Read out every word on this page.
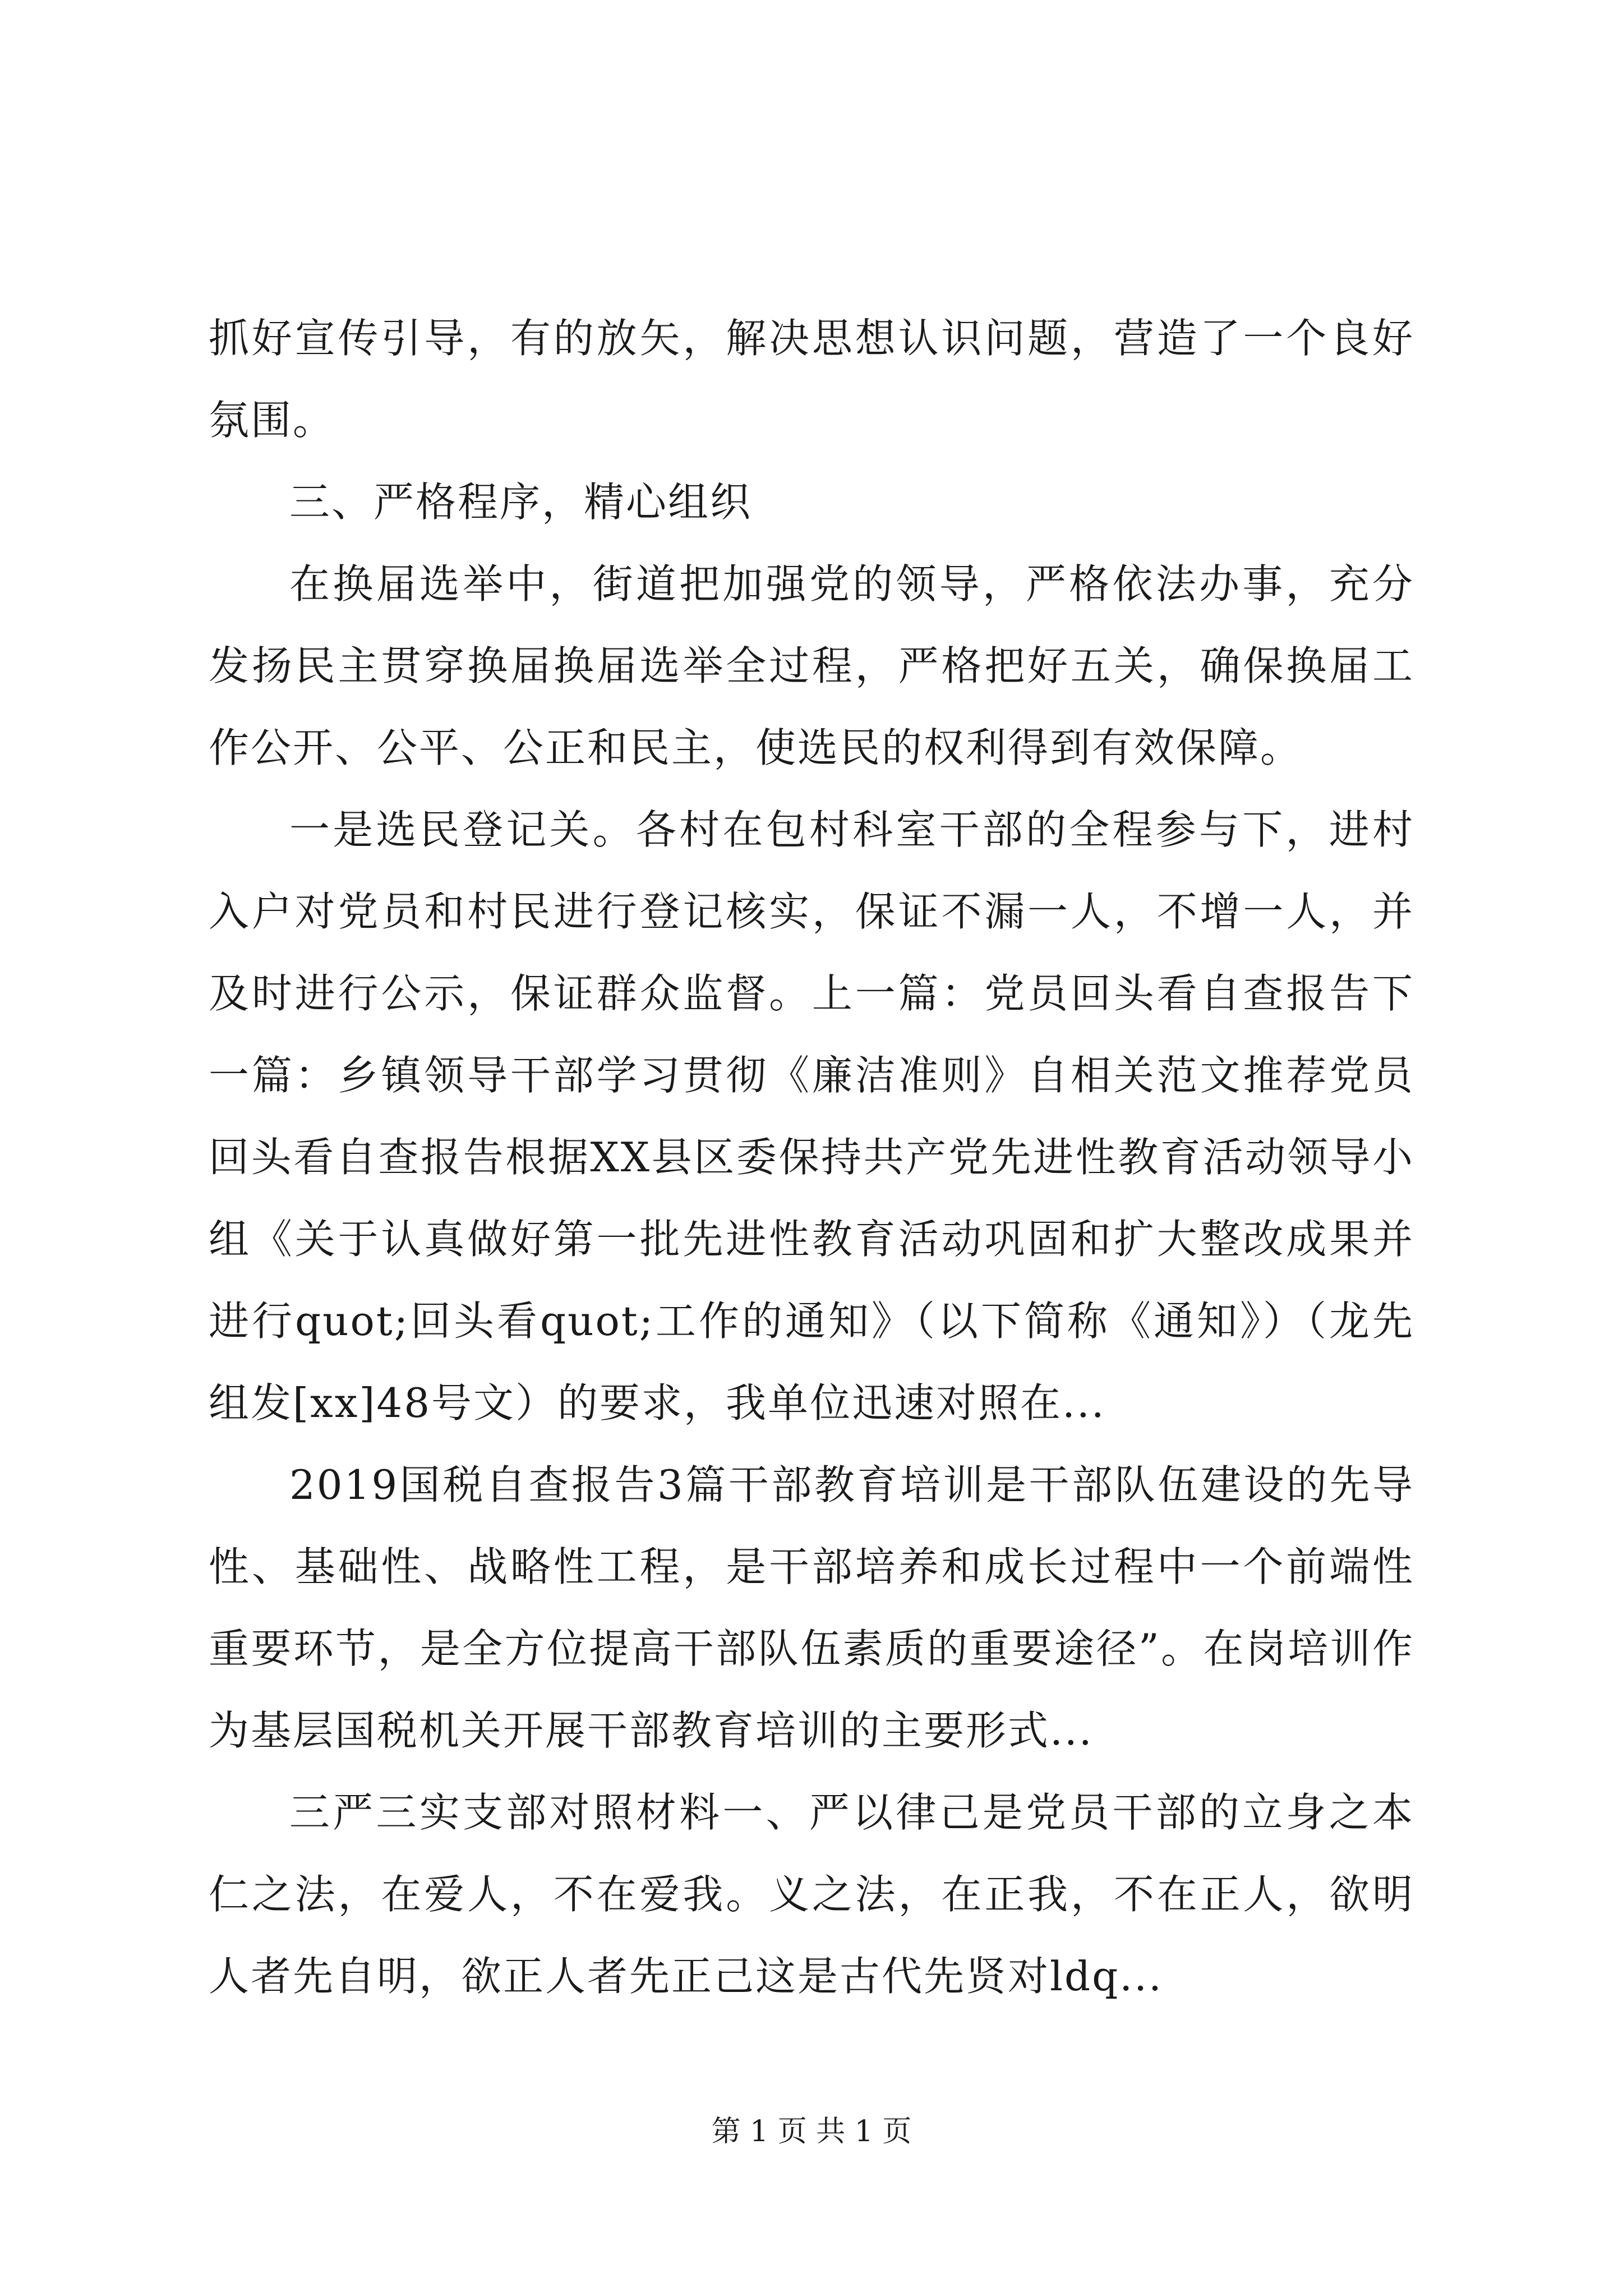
抓好宣传引导，有的放矢，解决思想认识问题，营造了一个良好氛围。

三、严格程序，精心组织

在换届选举中，街道把加强党的领导，严格依法办事，充分发扬民主贯穿换届换届选举全过程，严格把好五关，确保换届工作公开、公平、公正和民主，使选民的权利得到有效保障。

一是选民登记关。各村在包村科室干部的全程参与下，进村入户对党员和村民进行登记核实，保证不漏一人，不增一人，并及时进行公示，保证群众监督。上一篇：党员回头看自查报告下一篇：乡镇领导干部学习贯彻《廉洁准则》自相关范文推荐党员回头看自查报告根据XX县区委保持共产党先进性教育活动领导小组《关于认真做好第一批先进性教育活动巩固和扩大整改成果并进行quot;回头看quot;工作的通知》（以下简称《通知》）（龙先组发[xx]48号文）的要求，我单位迅速对照在...

2019国税自查报告3篇干部教育培训是干部队伍建设的先导性、基础性、战略性工程，是干部培养和成长过程中一个前端性重要环节，是全方位提高干部队伍素质的重要途径”。在岗培训作为基层国税机关开展干部教育培训的主要形式...

三严三实支部对照材料一、严以律己是党员干部的立身之本仁之法，在爱人，不在爱我。义之法，在正我，不在正人，欲明人者先自明，欲正人者先正己这是古代先贤对ldq...

第 1 页 共 1 页
